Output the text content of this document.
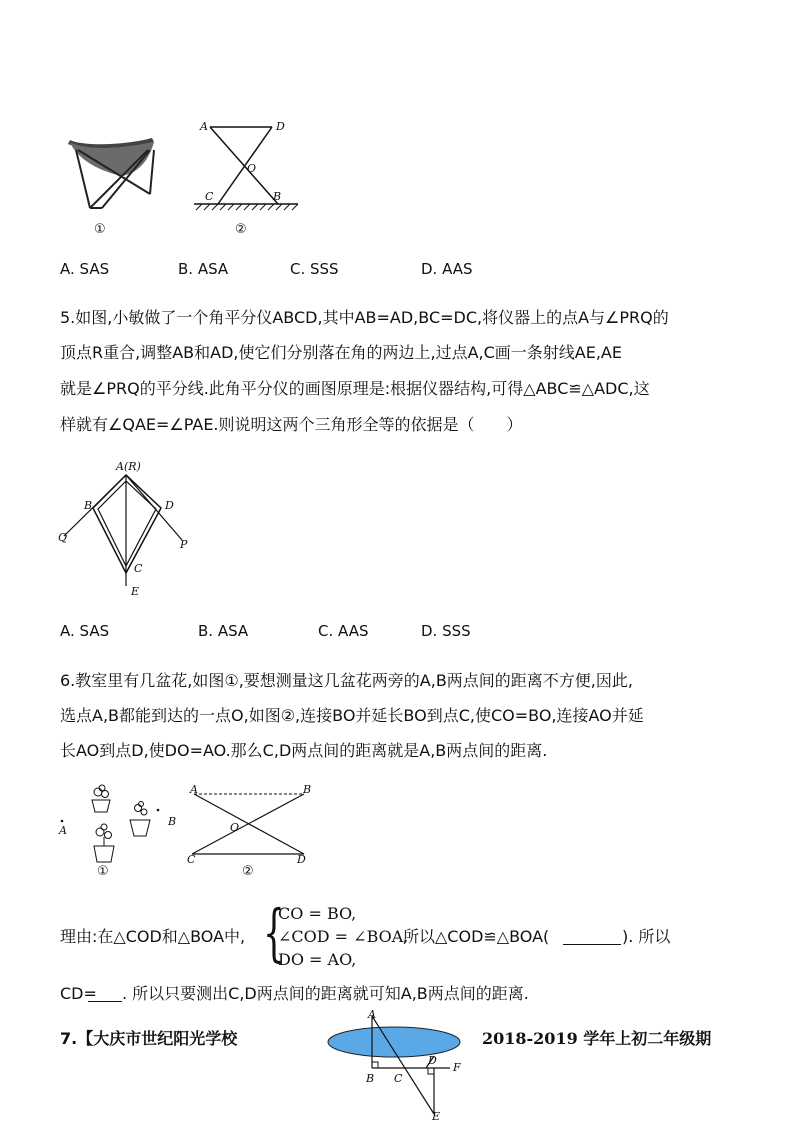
①
A	D
O
C	B
②
A. SAS	B. ASA	C. SSS	D. AAS
5.如图,小敏做了一个角平分仪ABCD,其中AB=AD,BC=DC,将仪器上的点A与∠PRQ的
顶点R重合,调整AB和AD,使它们分别落在角的两边上,过点A,C画一条射线AE,AE
就是∠PRQ的平分线.此角平分仪的画图原理是:根据仪器结构,可得△ABC≌△ADC,这
样就有∠QAE=∠PAE.则说明这两个三角形全等的依据是（　　）
A(R)
B	D
Q
P
C
E
A. SAS	B. ASA	C. AAS	D. SSS
6.教室里有几盆花,如图①,要想测量这几盆花两旁的A,B两点间的距离不方便,因此,
选点A,B都能到达的一点O,如图②,连接BO并延长BO到点C,使CO=BO,连接AO并延
长AO到点D,使DO=AO.那么C,D两点间的距离就是A,B两点间的距离.
A
B
①
A	B
O
C	D
②
理由:在△COD和△BOA中, {
CO = BO,
∠COD = ∠BOA,
DO = AO,
所以△COD≌△BOA(	). 所以
CD= . 所以只要测出C,D两点间的距离就可知A,B两点间的距离.
7.【大庆市世纪阳光学校	2018-2019 学年上初二年级期
A
B C
D
F
E
